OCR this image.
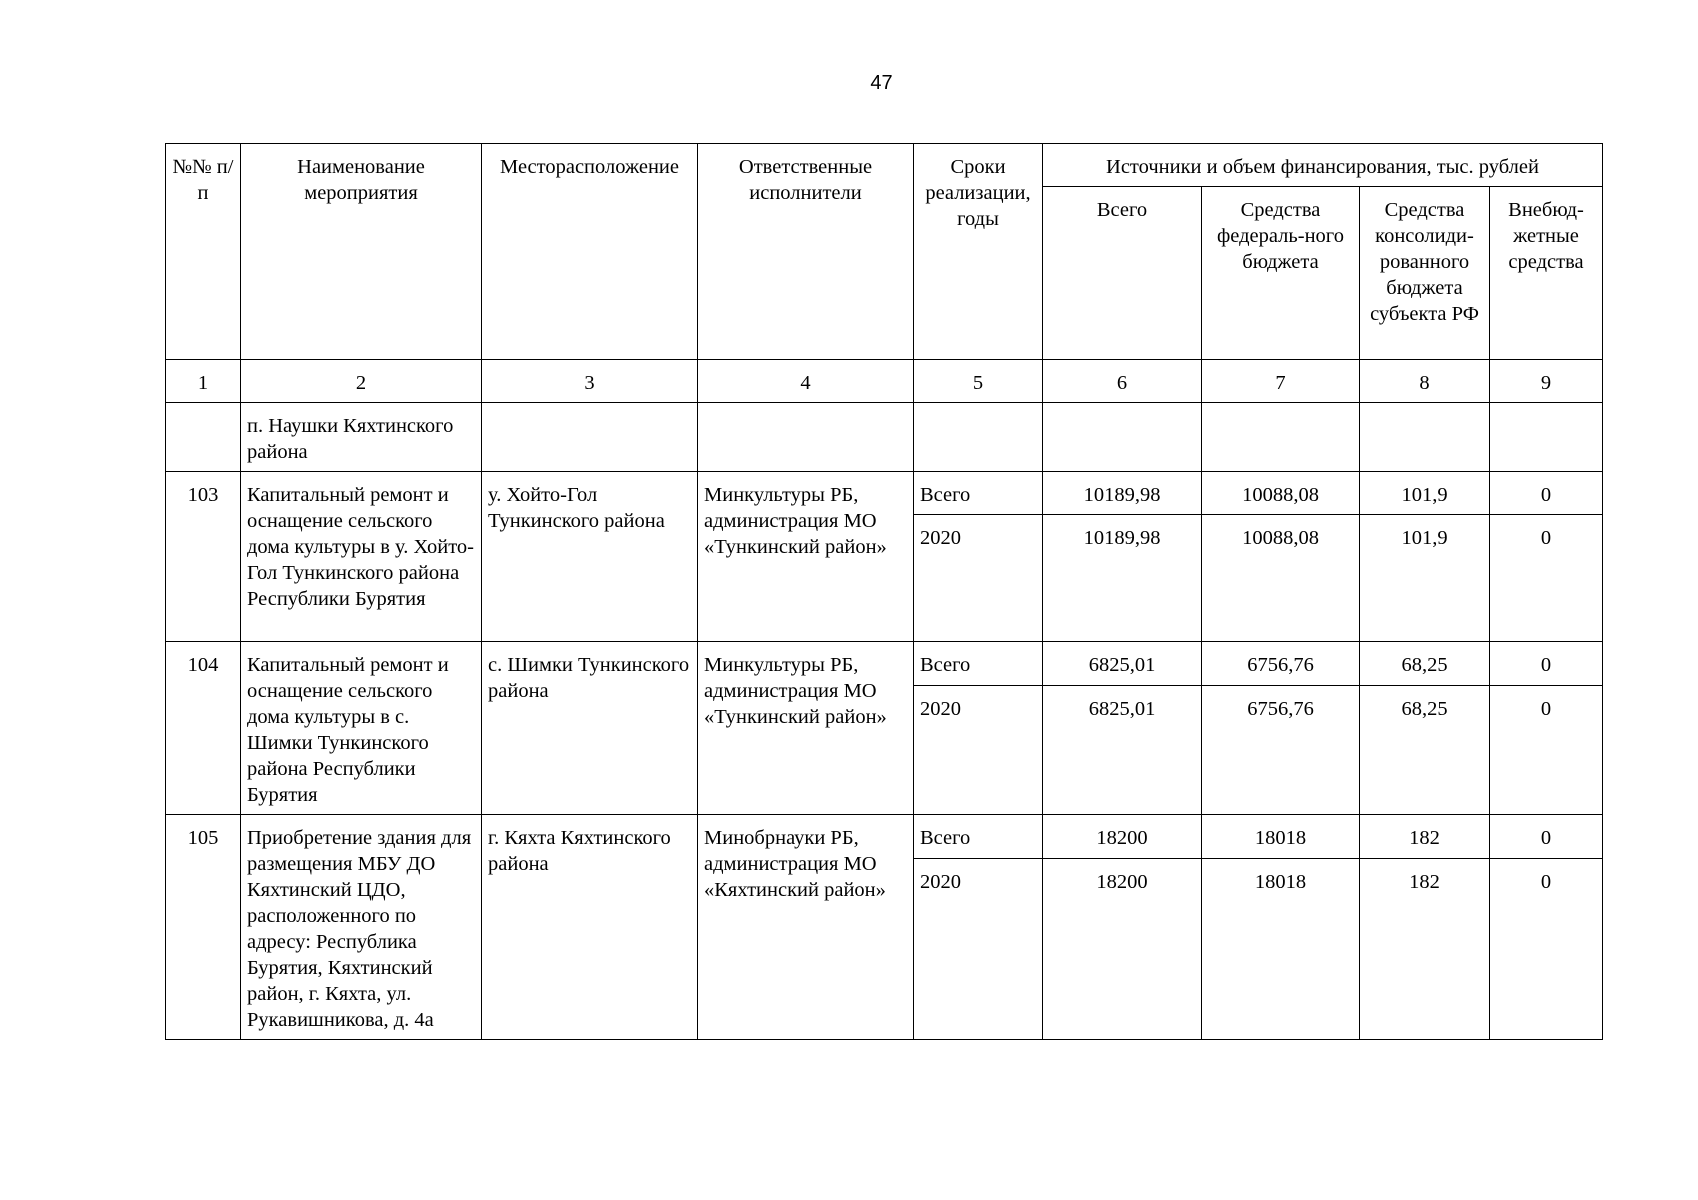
47
№№ п/п	Наименование мероприятия	Месторасположение	Ответственные исполнители	Сроки реализации, годы	Источники и объем финансирования, тыс. рублей			
					Всего	Средства федераль-ного бюджета	Средства консолиди-рованного бюджета субъекта РФ	Внебюд-жетные средства
1	2	3	4	5	6	7	8	9
	п. Наушки Кяхтинского района							
103	Капитальный ремонт и оснащение сельского дома культуры в у. Хойто-Гол Тункинского района Республики Бурятия	у. Хойто-Гол Тункинского района	Минкультуры РБ, администрация МО «Тункинский район»	Всего	10189,98	10088,08	101,9	0
				2020	10189,98	10088,08	101,9	0
104	Капитальный ремонт и оснащение сельского дома культуры в с. Шимки Тункинского района Республики Бурятия	с. Шимки Тункинского района	Минкультуры РБ, администрация МО «Тункинский район»	Всего	6825,01	6756,76	68,25	0
				2020	6825,01	6756,76	68,25	0
105	Приобретение здания для размещения МБУ ДО Кяхтинский ЦДО, расположенного по адресу: Республика Бурятия, Кяхтинский район, г. Кяхта, ул. Рукавишникова, д. 4а	г. Кяхта Кяхтинского района	Минобрнауки РБ, администрация МО «Кяхтинский район»	Всего	18200	18018	182	0
				2020	18200	18018	182	0
